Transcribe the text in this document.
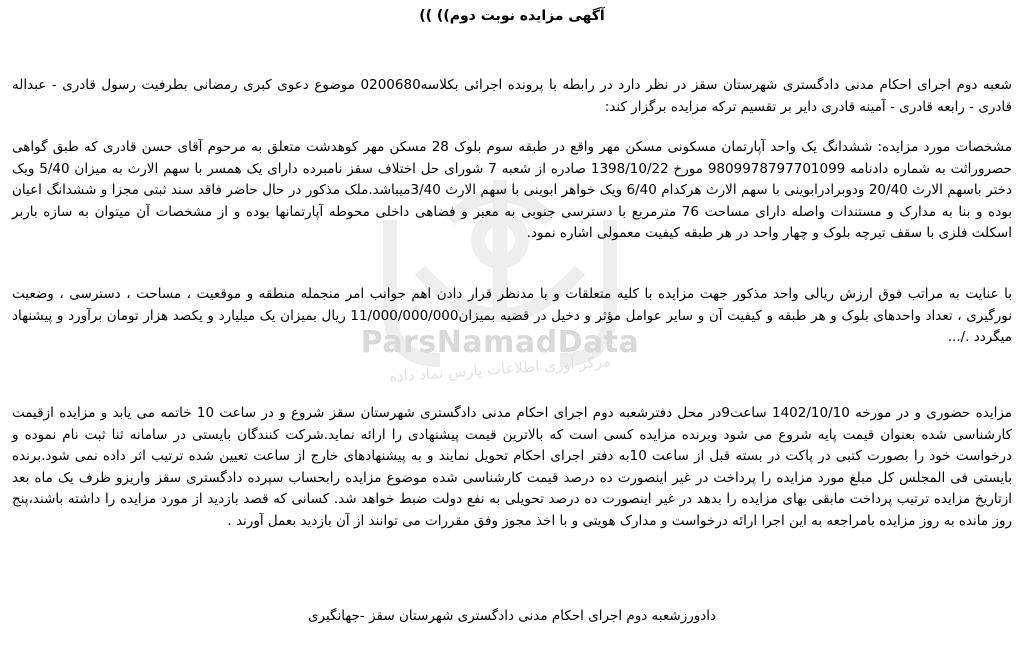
ParsNamadData
مرکز آوری اطلاعات پارس نماد داده
آگهی مزایده نوبت دوم)) ))
شعبه دوم اجرای احکام مدنی دادگستری شهرستان سقز در نظر دارد در رابطه با پرونده اجرائی بکلاسه0200680 موضوع دعوی کبری رمضانی بطرفیت رسول قادری - عبداله قادری - رابعه قادری - آمینه قادری دایر بر تقسیم ترکه مزایده برگزار کند:
مشخصات مورد مزایده: ششدانگ یک واحد آپارتمان مسکونی مسکن مهر واقع در طبقه سوم بلوک 28 مسکن مهر کوهدشت متعلق به مرحوم آقای حسن قادری که طبق گواهی حصروراثت به شماره دادنامه 9809978797701099 مورخ 1398/10/22 صادره از شعبه 7 شورای حل اختلاف سقز نامبرده دارای یک همسر با سهم الارث به میزان 5/40 ویک دختر باسهم الارث 20/40 ودوبرادرابوینی با سهم الارث هرکدام 6/40 ویک خواهر ابوینی با سهم الارث 3/40میباشد.ملک مذکور در حال حاضر فاقد سند ثبتی مجزا و ششدانگ اعیان بوده و بنا به مدارک و مستندات واصله دارای مساحت 76 مترمربع با دسترسی جنوبی به معبر و فضاهی داخلی محوطه آپارتمانها بوده و از مشخصات آن میتوان به سازه باربر اسکلت فلزی با سقف تیرچه بلوک و چهار واحد در هر طبقه کیفیت معمولی اشاره نمود.
با عنایت به مراتب فوق ارزش ریالی واحد مذکور جهت مزایده با کلیه متعلقات و با مدنظر قرار دادن اهم جوانب امر منجمله منطقه و موقعیت ، مساحت ، دسترسی ، وضعیت نورگیری ، تعداد واحدهای بلوک و هر طبقه و کیفیت آن و سایر عوامل مؤثر و دخیل در قضیه بمیزان11/000/000/000 ریال بمیزان یک میلیارد و یکصد هزار تومان برآورد و پیشنهاد میگردد ./...
مزایده حضوری و در مورخه 1402/10/10 ساعت9در محل دفترشعبه دوم اجرای احکام مدنی دادگستری شهرستان سقز شروع و در ساعت 10 خاتمه می یابد و مزایده ازقیمت کارشناسی شده بعنوان قیمت پایه شروع می شود وبرنده مزایده کسی است که بالاترین قیمت پیشنهادی را ارائه نماید.شرکت کنندگان بایستی در سامانه ثنا ثبت نام نموده و درخواست خود را بصورت کتبی در پاکت در بسته قبل از ساعت 10به دفتر اجرای احکام تحویل نمایند و به پیشنهادهای خارج از ساعت تعیین شده ترتیب اثر داده نمی شود.برنده بایستی فی المجلس کل مبلغ مورد مزایده را پرداخت در غیر اینصورت ده درصد قیمت کارشناسی شده موضوع مزایده رابحساب سپرده دادگستری سقز واریزو ظرف یک ماه بعد ازتاریخ مزایده ترتیب پرداخت مابقی بهای مزایده را بدهد در غیر اینصورت ده درصد تحویلی به نفع دولت ضبط خواهد شد. کسانی که قصد بازدید از مورد مزایده را داشته باشند،پنج روز مانده به روز مزایده بامراجعه به این اجرا ارائه درخواست و مدارک هویتی و با اخذ مجوز وفق مقررات می توانند از آن بازدید بعمل آورند .
دادورزشعبه دوم اجرای احکام مدنی دادگستری شهرستان سقز -جهانگیری
